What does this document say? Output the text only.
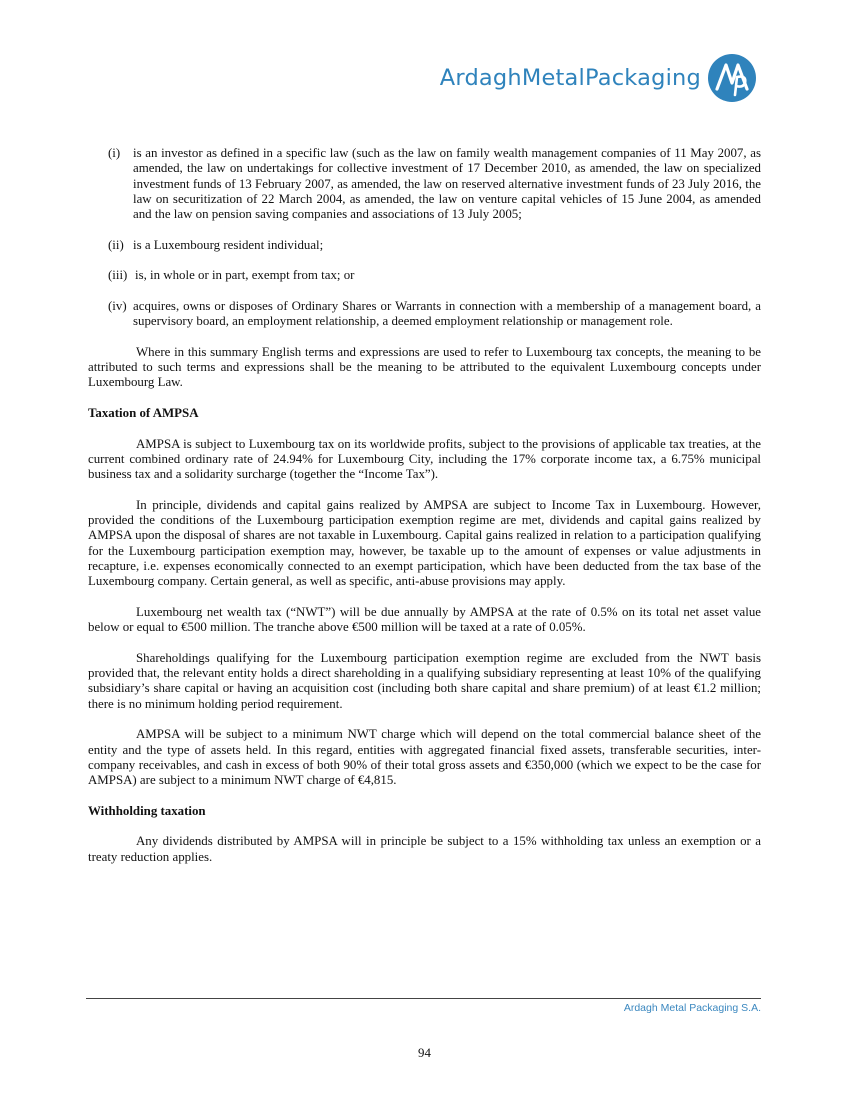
ArdaghMetalPackaging
(i) is an investor as defined in a specific law (such as the law on family wealth management companies of 11 May 2007, as amended, the law on undertakings for collective investment of 17 December 2010, as amended, the law on specialized investment funds of 13 February 2007, as amended, the law on reserved alternative investment funds of 23 July 2016, the law on securitization of 22 March 2004, as amended, the law on venture capital vehicles of 15 June 2004, as amended and the law on pension saving companies and associations of 13 July 2005;
(ii) is a Luxembourg resident individual;
(iii) is, in whole or in part, exempt from tax; or
(iv) acquires, owns or disposes of Ordinary Shares or Warrants in connection with a membership of a management board, a supervisory board, an employment relationship, a deemed employment relationship or management role.

Where in this summary English terms and expressions are used to refer to Luxembourg tax concepts, the meaning to be attributed to such terms and expressions shall be the meaning to be attributed to the equivalent Luxembourg concepts under Luxembourg Law.

Taxation of AMPSA

AMPSA is subject to Luxembourg tax on its worldwide profits, subject to the provisions of applicable tax treaties, at the current combined ordinary rate of 24.94% for Luxembourg City, including the 17% corporate income tax, a 6.75% municipal business tax and a solidarity surcharge (together the “Income Tax”).

In principle, dividends and capital gains realized by AMPSA are subject to Income Tax in Luxembourg. However, provided the conditions of the Luxembourg participation exemption regime are met, dividends and capital gains realized by AMPSA upon the disposal of shares are not taxable in Luxembourg. Capital gains realized in relation to a participation qualifying for the Luxembourg participation exemption may, however, be taxable up to the amount of expenses or value adjustments in recapture, i.e. expenses economically connected to an exempt participation, which have been deducted from the tax base of the Luxembourg company. Certain general, as well as specific, anti-abuse provisions may apply.

Luxembourg net wealth tax (“NWT”) will be due annually by AMPSA at the rate of 0.5% on its total net asset value below or equal to €500 million. The tranche above €500 million will be taxed at a rate of 0.05%.

Shareholdings qualifying for the Luxembourg participation exemption regime are excluded from the NWT basis provided that, the relevant entity holds a direct shareholding in a qualifying subsidiary representing at least 10% of the qualifying subsidiary’s share capital or having an acquisition cost (including both share capital and share premium) of at least €1.2 million; there is no minimum holding period requirement.

AMPSA will be subject to a minimum NWT charge which will depend on the total commercial balance sheet of the entity and the type of assets held. In this regard, entities with aggregated financial fixed assets, transferable securities, inter-company receivables, and cash in excess of both 90% of their total gross assets and €350,000 (which we expect to be the case for AMPSA) are subject to a minimum NWT charge of €4,815.

Withholding taxation

Any dividends distributed by AMPSA will in principle be subject to a 15% withholding tax unless an exemption or a treaty reduction applies.

Ardagh Metal Packaging S.A.
94
